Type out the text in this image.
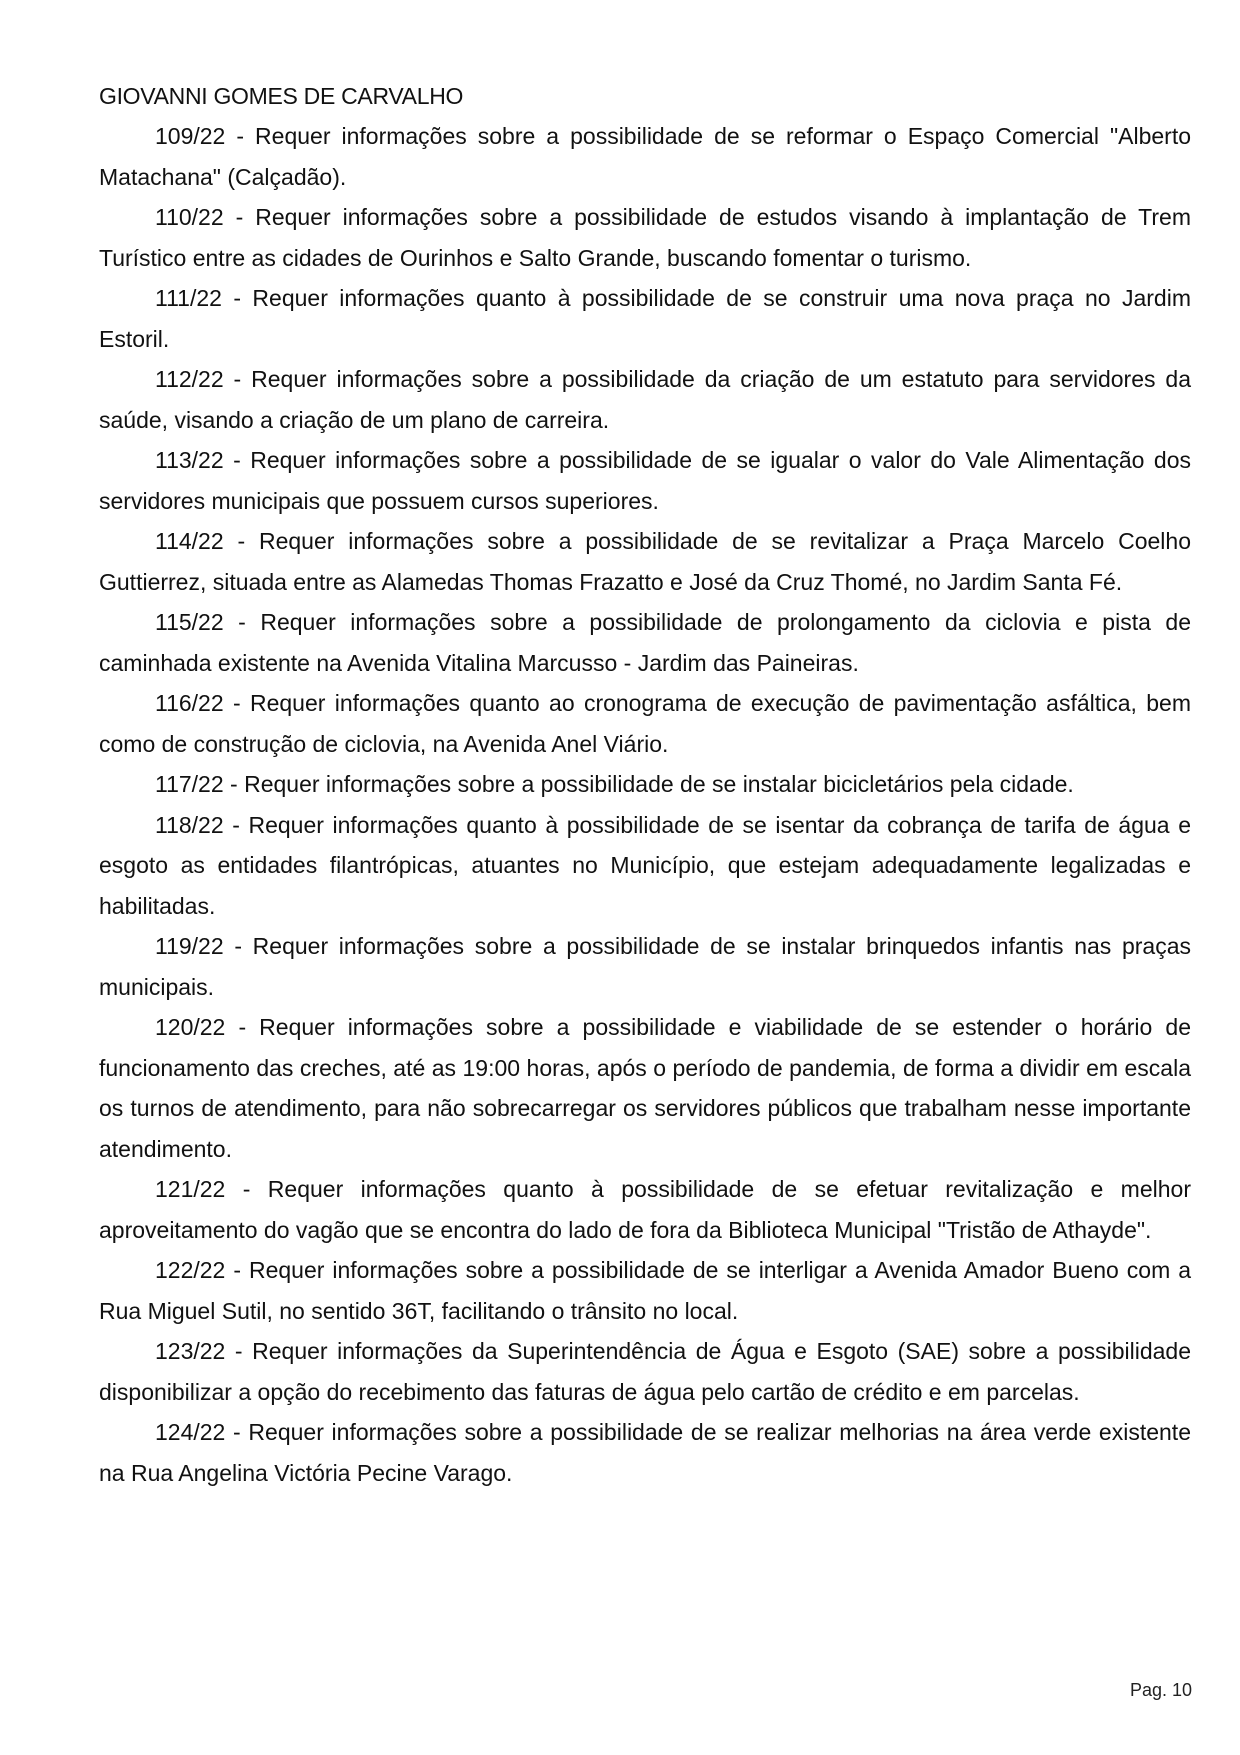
GIOVANNI GOMES DE CARVALHO

109/22 - Requer informações sobre a possibilidade de se reformar o Espaço Comercial "Alberto Matachana" (Calçadão).

110/22 - Requer informações sobre a possibilidade de estudos visando à implantação de Trem Turístico entre as cidades de Ourinhos e Salto Grande, buscando fomentar o turismo.

111/22 - Requer informações quanto à possibilidade de se construir uma nova praça no Jardim Estoril.

112/22 - Requer informações sobre a possibilidade da criação de um estatuto para servidores da saúde, visando a criação de um plano de carreira.

113/22 - Requer informações sobre a possibilidade de se igualar o valor do Vale Alimentação dos servidores municipais que possuem cursos superiores.

114/22 - Requer informações sobre a possibilidade de se revitalizar a Praça Marcelo Coelho Guttierrez, situada entre as Alamedas Thomas Frazatto e José da Cruz Thomé, no Jardim Santa Fé.

115/22 - Requer informações sobre a possibilidade de prolongamento da ciclovia e pista de caminhada existente na Avenida Vitalina Marcusso - Jardim das Paineiras.

116/22 - Requer informações quanto ao cronograma de execução de pavimentação asfáltica, bem como de construção de ciclovia, na Avenida Anel Viário.

117/22 - Requer informações sobre a possibilidade de se instalar bicicletários pela cidade.

118/22 - Requer informações quanto à possibilidade de se isentar da cobrança de tarifa de água e esgoto as entidades filantrópicas, atuantes no Município, que estejam adequadamente legalizadas e habilitadas.

119/22 - Requer informações sobre a possibilidade de se instalar brinquedos infantis nas praças municipais.

120/22 - Requer informações sobre a possibilidade e viabilidade de se estender o horário de funcionamento das creches, até as 19:00 horas, após o período de pandemia, de forma a dividir em escala os turnos de atendimento, para não sobrecarregar os servidores públicos que trabalham nesse importante atendimento.

121/22 - Requer informações quanto à possibilidade de se efetuar revitalização e melhor aproveitamento do vagão que se encontra do lado de fora da Biblioteca Municipal "Tristão de Athayde".

122/22 - Requer informações sobre a possibilidade de se interligar a Avenida Amador Bueno com a Rua Miguel Sutil, no sentido 36T, facilitando o trânsito no local.

123/22 - Requer informações da Superintendência de Água e Esgoto (SAE) sobre a possibilidade disponibilizar a opção do recebimento das faturas de água pelo cartão de crédito e em parcelas.

124/22 - Requer informações sobre a possibilidade de se realizar melhorias na área verde existente na Rua Angelina Victória Pecine Varago.

Pag. 10
